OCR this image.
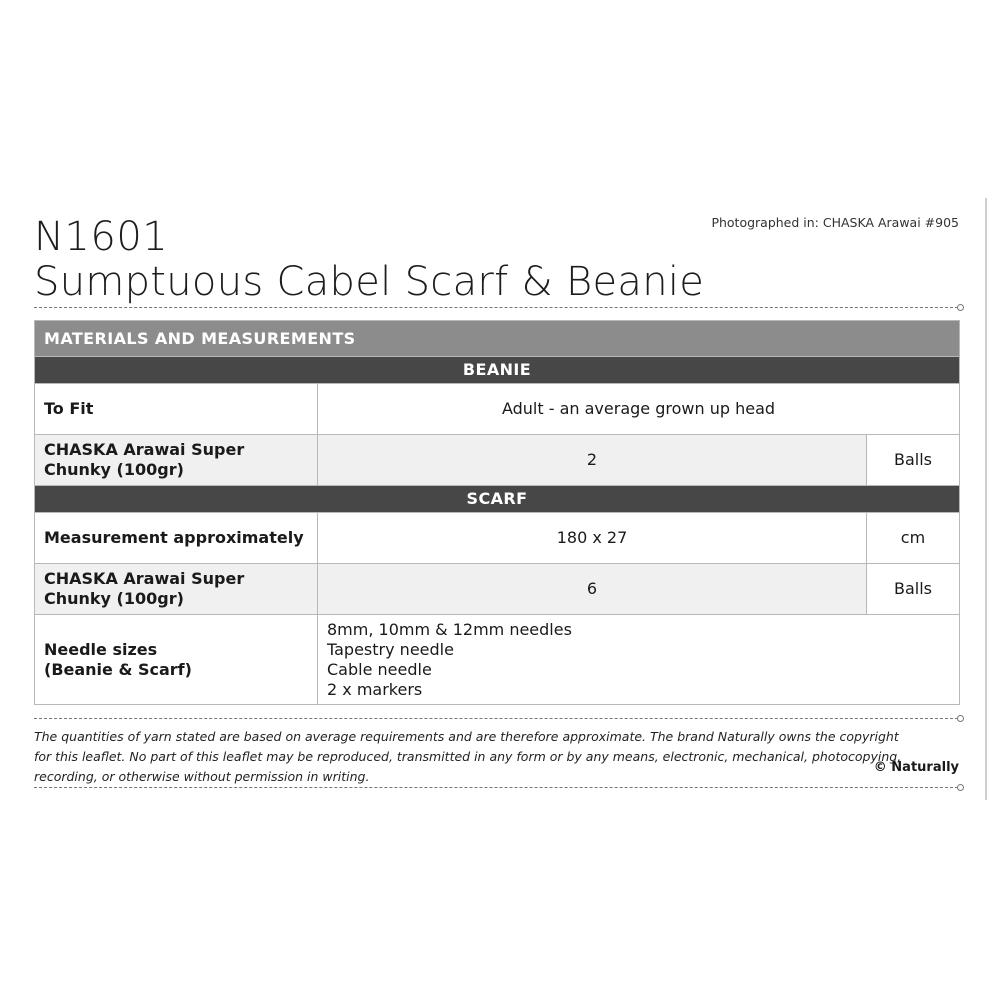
N1601
Sumptuous Cabel Scarf & Beanie
Photographed in: CHASKA Arawai #905
MATERIALS AND MEASUREMENTS		
BEANIE		
To Fit	Adult - an average grown up head	

CHASKA Arawai Super
Chunky (100gr)	2	Balls
SCARF		
Measurement approximately	180 x 27	cm

CHASKA Arawai Super
Chunky (100gr)	6	Balls

Needle sizes
(Beanie & Scarf)	8mm, 10mm & 12mm needles
Tapestry needle
Cable needle
2 x markers	
The quantities of yarn stated are based on average requirements and are therefore approximate. The brand Naturally owns the copyright
for this leaflet. No part of this leaflet may be reproduced, transmitted in any form or by any means, electronic, mechanical, photocopying,
recording, or otherwise without permission in writing.
© Naturally
